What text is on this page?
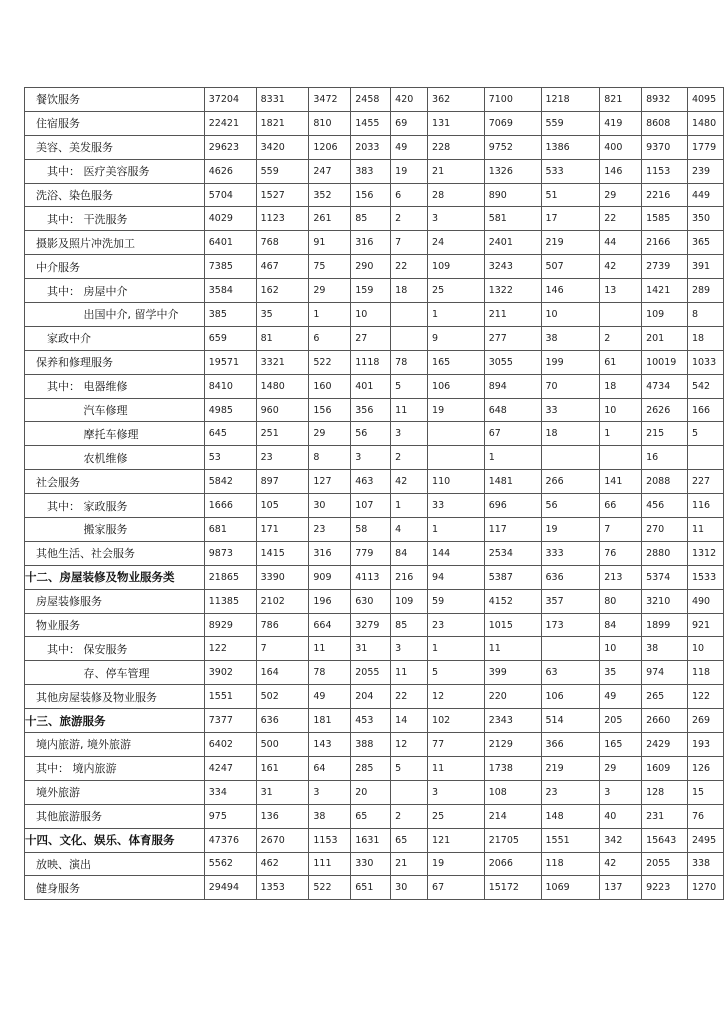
　餐饮服务	37204	8331	3472	2458	420	362	7100	1218	821	8932	4095
　住宿服务	22421	1821	810	1455	69	131	7069	559	419	8608	1480
　美容、美发服务	29623	3420	1206	2033	49	228	9752	1386	400	9370	1779
　　其中： 医疗美容服务	4626	559	247	383	19	21	1326	533	146	1153	239
　洗浴、染色服务	5704	1527	352	156	6	28	890	51	29	2216	449
　　其中： 干洗服务	4029	1123	261	85	2	3	581	17	22	1585	350
　摄影及照片冲洗加工	6401	768	91	316	7	24	2401	219	44	2166	365
　中介服务	7385	467	75	290	22	109	3243	507	42	2739	391
　　其中： 房屋中介	3584	162	29	159	18	25	1322	146	13	1421	289
　　　　　 出国中介, 留学中介	385	35	1	10		1	211	10		109	8
　　家政中介	659	81	6	27		9	277	38	2	201	18
　保养和修理服务	19571	3321	522	1118	78	165	3055	199	61	10019	1033
　　其中： 电器维修	8410	1480	160	401	5	106	894	70	18	4734	542
　　　　　 汽车修理	4985	960	156	356	11	19	648	33	10	2626	166
　　　　　 摩托车修理	645	251	29	56	3		67	18	1	215	5
　　　　　 农机维修	53	23	8	3	2		1			16	
　社会服务	5842	897	127	463	42	110	1481	266	141	2088	227
　　其中： 家政服务	1666	105	30	107	1	33	696	56	66	456	116
　　　　　 搬家服务	681	171	23	58	4	1	117	19	7	270	11
　其他生活、社会服务	9873	1415	316	779	84	144	2534	333	76	2880	1312
十二、房屋装修及物业服务类	21865	3390	909	4113	216	94	5387	636	213	5374	1533
　房屋装修服务	11385	2102	196	630	109	59	4152	357	80	3210	490
　物业服务	8929	786	664	3279	85	23	1015	173	84	1899	921
　　其中： 保安服务	122	7	11	31	3	1	11		10	38	10
　　　　　 存、停车管理	3902	164	78	2055	11	5	399	63	35	974	118
　其他房屋装修及物业服务	1551	502	49	204	22	12	220	106	49	265	122
十三、旅游服务	7377	636	181	453	14	102	2343	514	205	2660	269
　境内旅游, 境外旅游	6402	500	143	388	12	77	2129	366	165	2429	193
　其中： 境内旅游	4247	161	64	285	5	11	1738	219	29	1609	126
　境外旅游	334	31	3	20		3	108	23	3	128	15
　其他旅游服务	975	136	38	65	2	25	214	148	40	231	76
十四、文化、娱乐、体育服务	47376	2670	1153	1631	65	121	21705	1551	342	15643	2495
　放映、演出	5562	462	111	330	21	19	2066	118	42	2055	338
　健身服务	29494	1353	522	651	30	67	15172	1069	137	9223	1270
